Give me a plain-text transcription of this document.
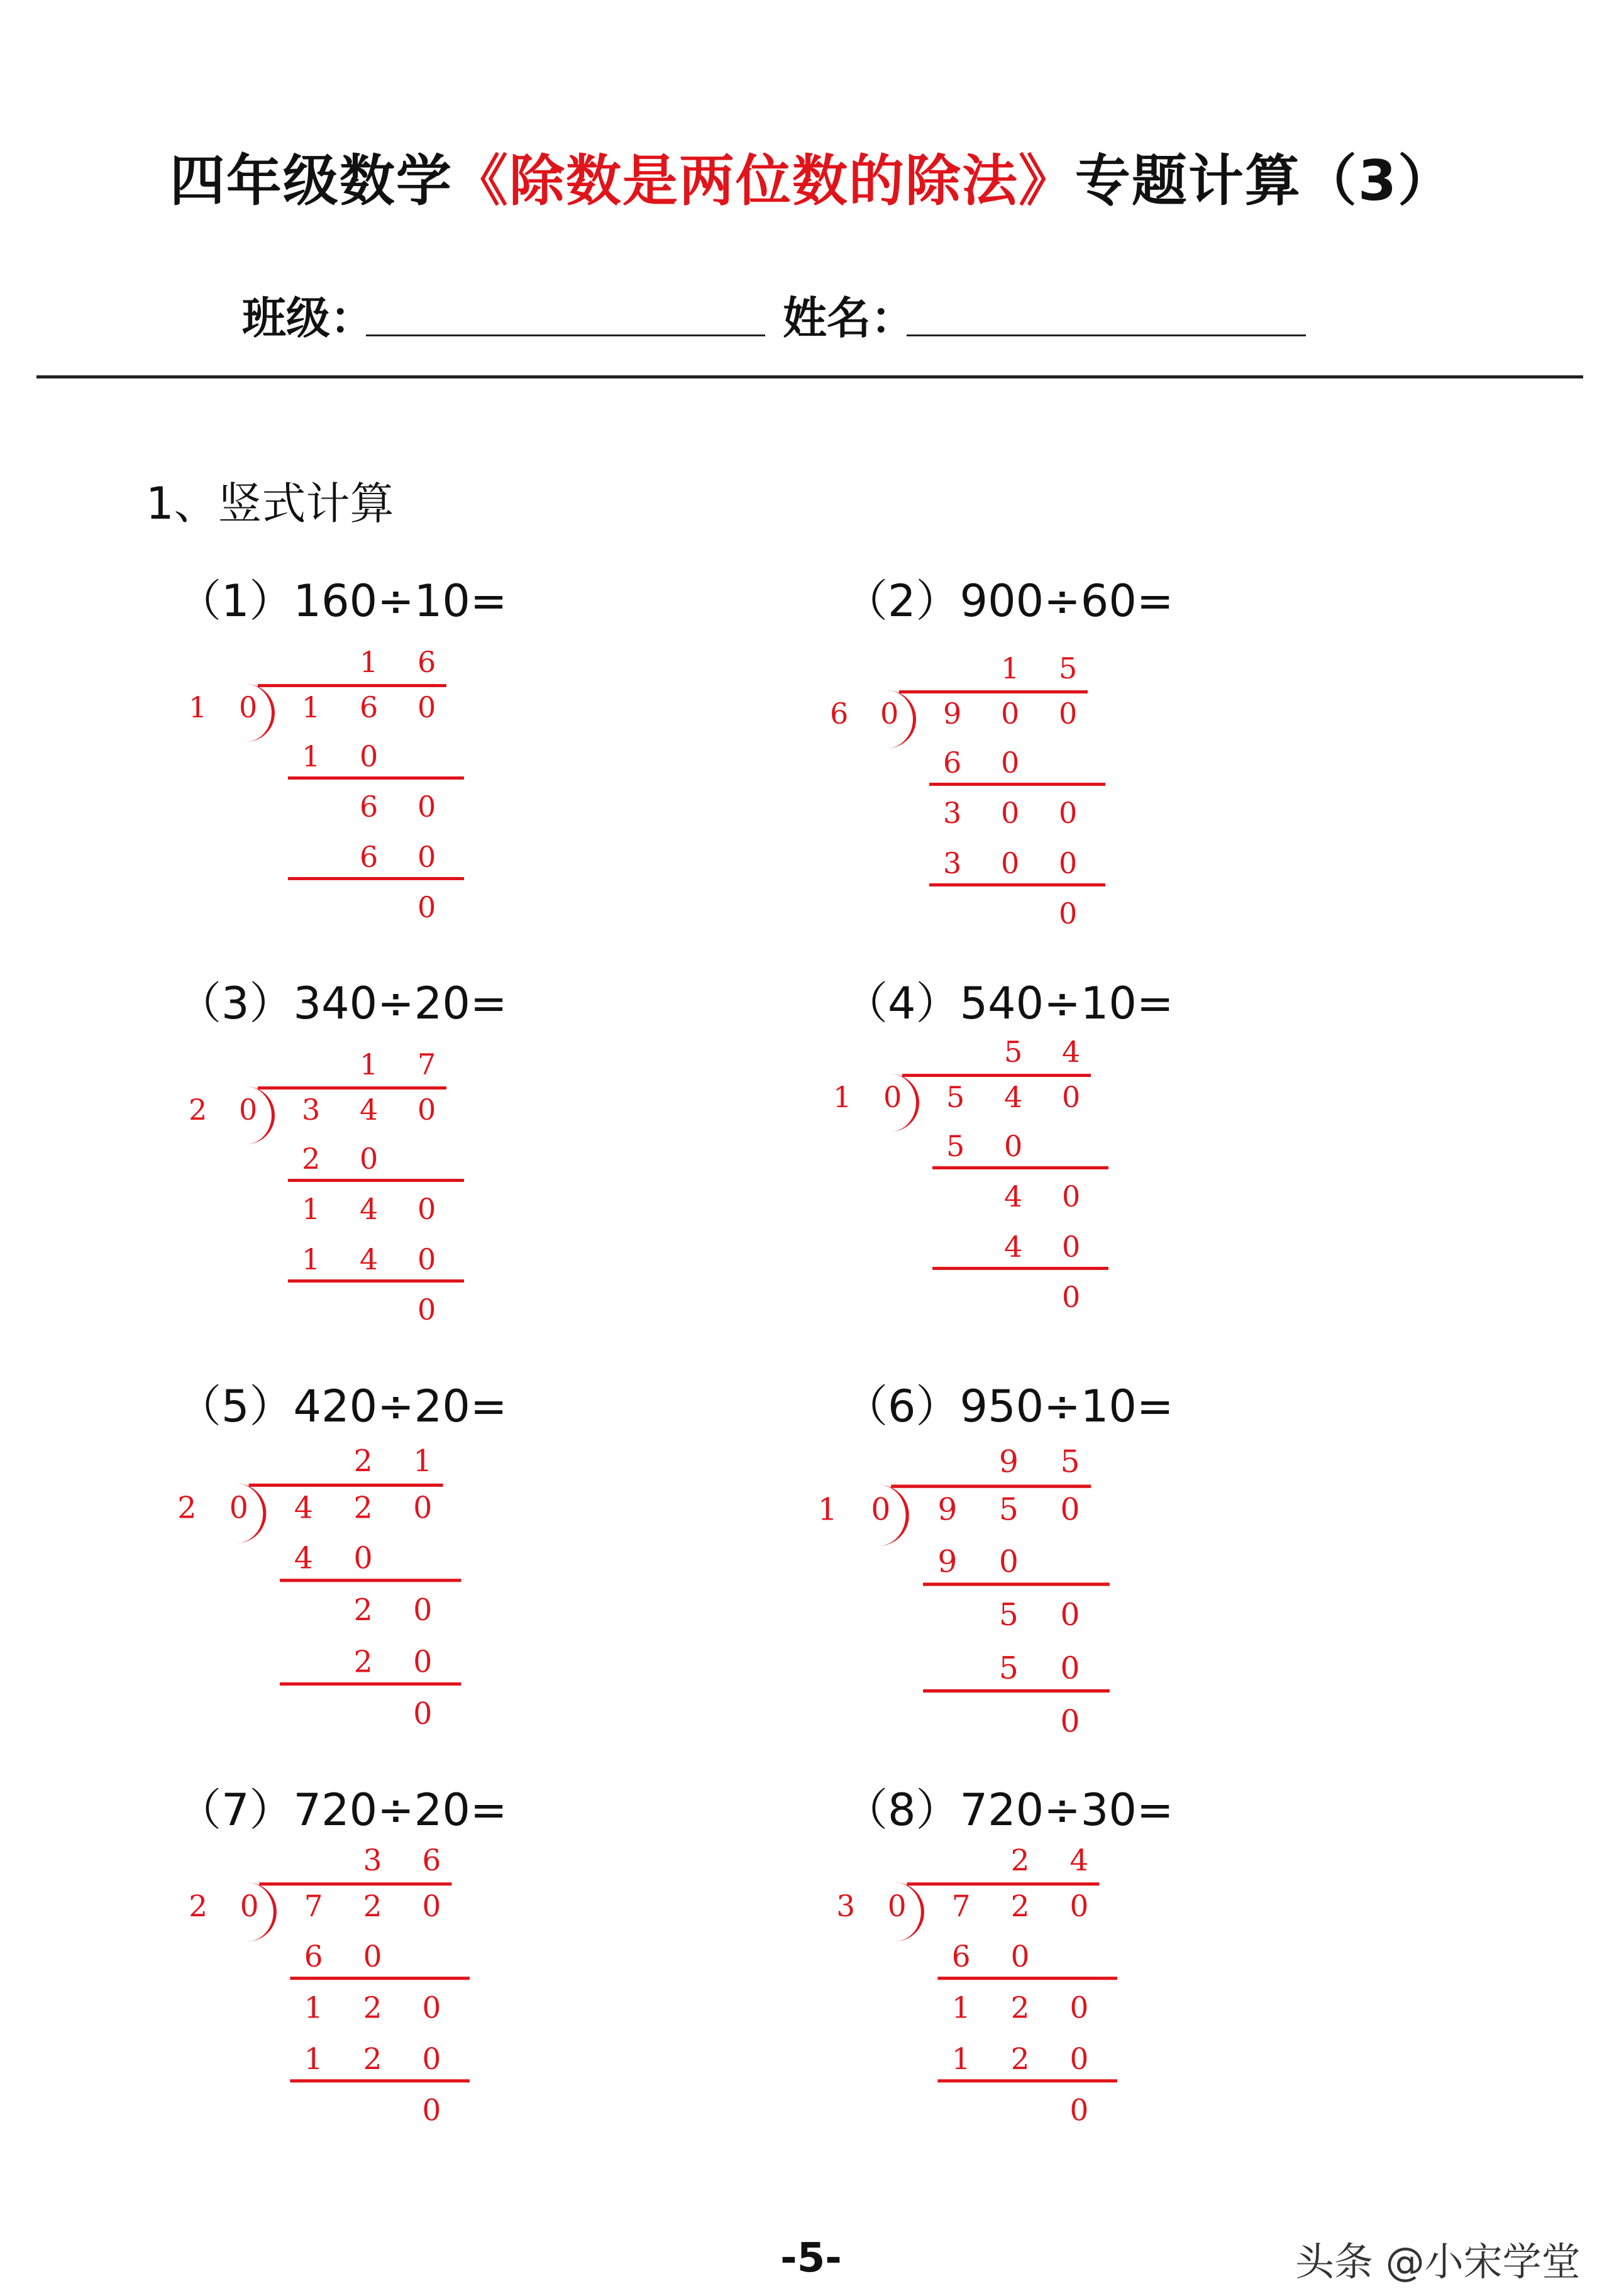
四年级数学《除数是两位数的除法》专题计算（3）
班级：	姓名：
1、竖式计算
-5-	头条 @小宋学堂
（1）160÷10=
1 6
1 0 1 6 0
1 0
6 0
6 0
0
（2）900÷60=
1 5
6 0 9 0 0
6 0
3 0 0
3 0 0
0
（3）340÷20=
1 7
2 0 3 4 0
2 0
1 4 0
1 4 0
0
（4）540÷10=
5 4
1 0 5 4 0
5 0
4 0
4 0
0
（5）420÷20=
2 1
2 0 4 2 0
4 0
2 0
2 0
0
（6）950÷10=
9 5
1 0 9 5 0
9 0
5 0
5 0
0
（7）720÷20=
3 6
2 0 7 2 0
6 0
1 2 0
1 2 0
0
（8）720÷30=
2 4
3 0 7 2 0
6 0
1 2 0
1 2 0
0
